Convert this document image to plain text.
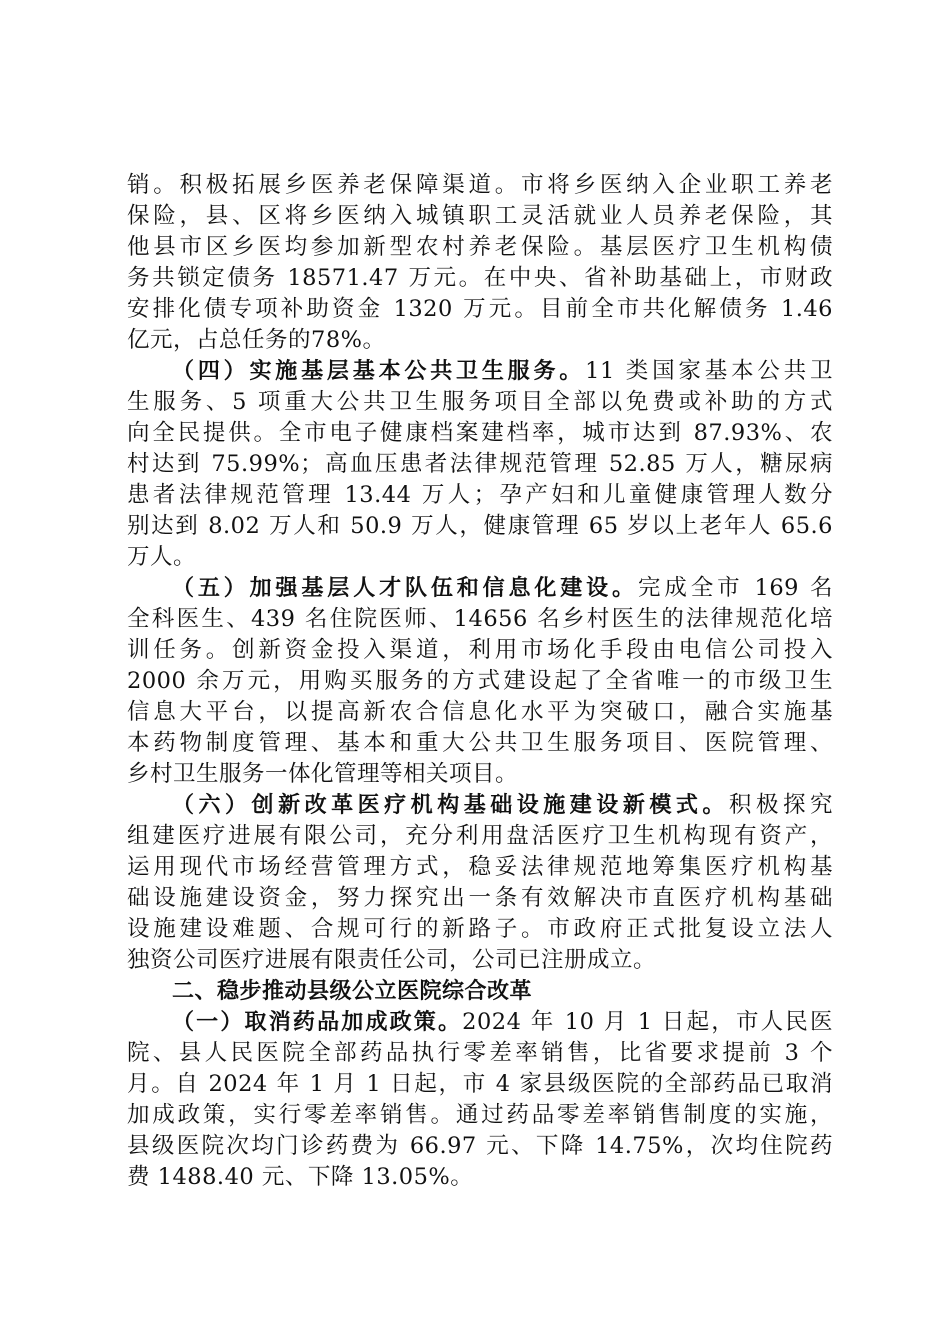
销。积极拓展乡医养老保障渠道。市将乡医纳入企业职工养老
保险，县、区将乡医纳入城镇职工灵活就业人员养老保险，其
他县市区乡医均参加新型农村养老保险。基层医疗卫生机构债
务共锁定债务 18571.47 万元。在中央、省补助基础上，市财政
安排化债专项补助资金 1320 万元。目前全市共化解债务 1.46
亿元，占总任务的78%。
（四）实施基层基本公共卫生服务。11 类国家基本公共卫
生服务、5 项重大公共卫生服务项目全部以免费或补助的方式
向全民提供。全市电子健康档案建档率，城市达到 87.93%、农
村达到 75.99%；高血压患者法律规范管理 52.85 万人，糖尿病
患者法律规范管理 13.44 万人；孕产妇和儿童健康管理人数分
别达到 8.02 万人和 50.9 万人，健康管理 65 岁以上老年人 65.6
万人。
（五）加强基层人才队伍和信息化建设。完成全市 169 名
全科医生、439 名住院医师、14656 名乡村医生的法律规范化培
训任务。创新资金投入渠道，利用市场化手段由电信公司投入
2000 余万元，用购买服务的方式建设起了全省唯一的市级卫生
信息大平台，以提高新农合信息化水平为突破口，融合实施基
本药物制度管理、基本和重大公共卫生服务项目、医院管理、
乡村卫生服务一体化管理等相关项目。
（六）创新改革医疗机构基础设施建设新模式。积极探究
组建医疗进展有限公司，充分利用盘活医疗卫生机构现有资产，
运用现代市场经营管理方式，稳妥法律规范地筹集医疗机构基
础设施建设资金，努力探究出一条有效解决市直医疗机构基础
设施建设难题、合规可行的新路子。市政府正式批复设立法人
独资公司医疗进展有限责任公司，公司已注册成立。
二、稳步推动县级公立医院综合改革
（一）取消药品加成政策。2024 年 10 月 1 日起，市人民医
院、县人民医院全部药品执行零差率销售，比省要求提前 3 个
月。自 2024 年 1 月 1 日起，市 4 家县级医院的全部药品已取消
加成政策，实行零差率销售。通过药品零差率销售制度的实施，
县级医院次均门诊药费为 66.97 元、下降 14.75%，次均住院药
费 1488.40 元、下降 13.05%。
